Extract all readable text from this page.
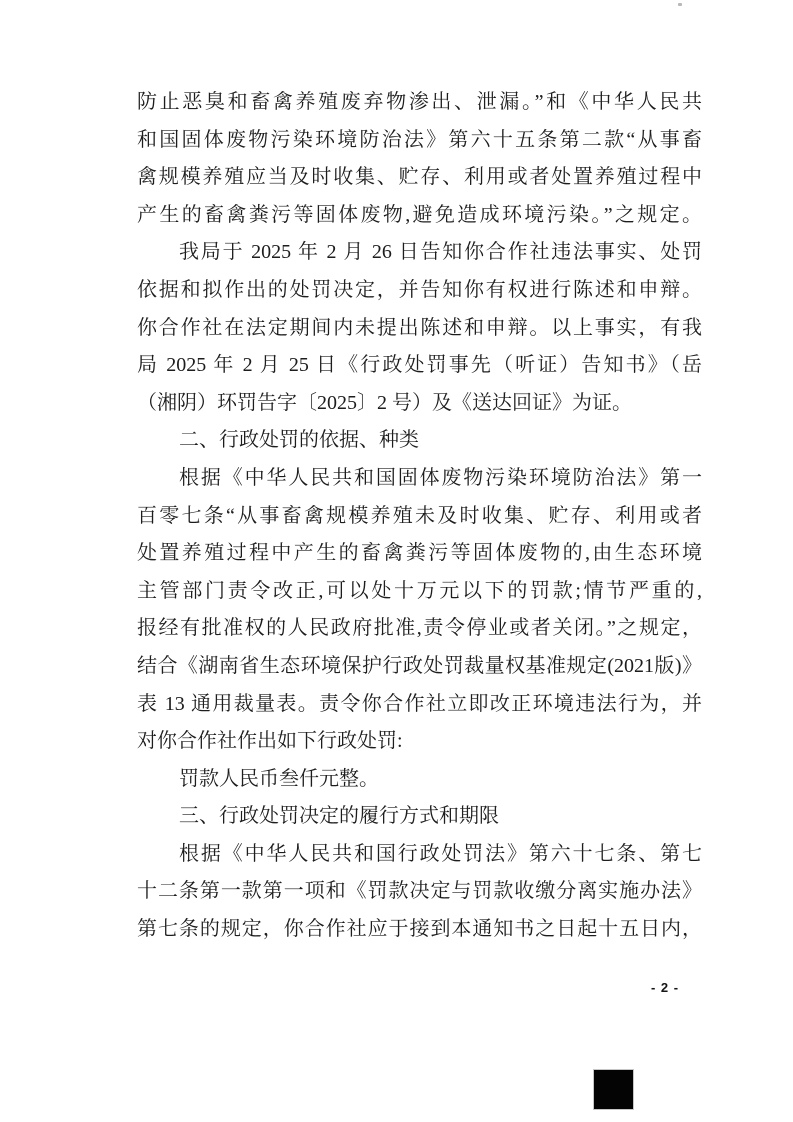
防止恶臭和畜禽养殖废弃物渗出、泄漏。”和《中华人民共
和国固体废物污染环境防治法》第六十五条第二款“从事畜
禽规模养殖应当及时收集、贮存、利用或者处置养殖过程中
产生的畜禽粪污等固体废物,避免造成环境污染。”之规定。
我局于 2025 年 2 月 26 日告知你合作社违法事实、处罚
依据和拟作出的处罚决定，并告知你有权进行陈述和申辩。
你合作社在法定期间内未提出陈述和申辩。以上事实，有我
局 2025 年 2 月 25 日《行政处罚事先（听证）告知书》（岳
（湘阴）环罚告字〔2025〕2 号）及《送达回证》为证。
二、行政处罚的依据、种类
根据《中华人民共和国固体废物污染环境防治法》第一
百零七条“从事畜禽规模养殖未及时收集、贮存、利用或者
处置养殖过程中产生的畜禽粪污等固体废物的,由生态环境
主管部门责令改正,可以处十万元以下的罚款;情节严重的,
报经有批准权的人民政府批准,责令停业或者关闭。”之规定，
结合《湖南省生态环境保护行政处罚裁量权基准规定(2021版)》
表 13 通用裁量表。责令你合作社立即改正环境违法行为，并
对你合作社作出如下行政处罚:
罚款人民币叁仟元整。
三、行政处罚决定的履行方式和期限
根据《中华人民共和国行政处罚法》第六十七条、第七
十二条第一款第一项和《罚款决定与罚款收缴分离实施办法》
第七条的规定，你合作社应于接到本通知书之日起十五日内，
- 2 -
